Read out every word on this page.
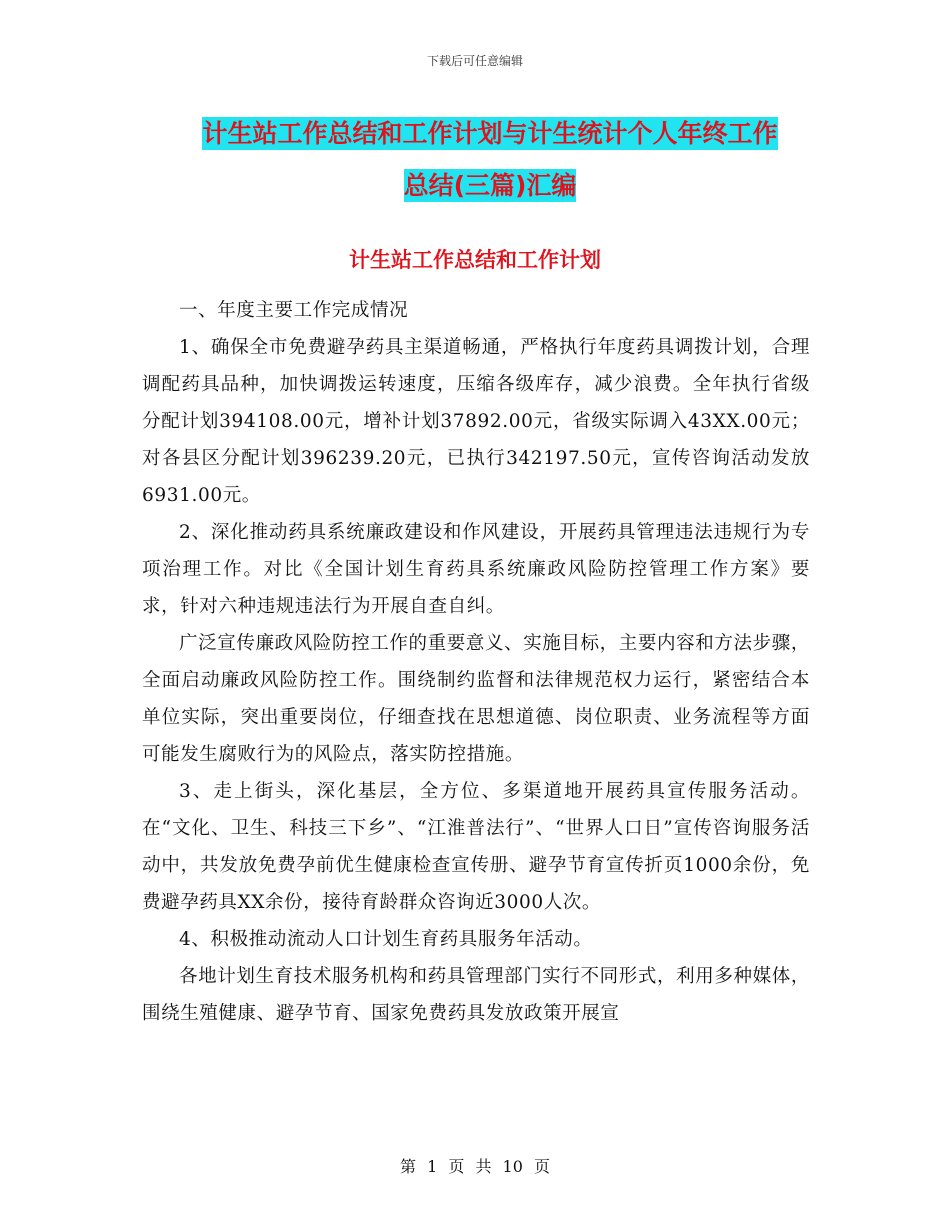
下载后可任意编辑
计生站工作总结和工作计划与计生统计个人年终工作
总结(三篇)汇编
计生站工作总结和工作计划

一、年度主要工作完成情况

1、确保全市免费避孕药具主渠道畅通，严格执行年度药具调拨计划，合理调配药具品种，加快调拨运转速度，压缩各级库存，减少浪费。全年执行省级分配计划394108.00元，增补计划37892.00元，省级实际调入43XX.00元；对各县区分配计划396239.20元，已执行342197.50元，宣传咨询活动发放6931.00元。

2、深化推动药具系统廉政建设和作风建设，开展药具管理违法违规行为专项治理工作。对比《全国计划生育药具系统廉政风险防控管理工作方案》要求，针对六种违规违法行为开展自查自纠。

广泛宣传廉政风险防控工作的重要意义、实施目标，主要内容和方法步骤，全面启动廉政风险防控工作。围绕制约监督和法律规范权力运行，紧密结合本单位实际，突出重要岗位，仔细查找在思想道德、岗位职责、业务流程等方面可能发生腐败行为的风险点，落实防控措施。

3、走上街头，深化基层，全方位、多渠道地开展药具宣传服务活动。在“文化、卫生、科技三下乡”、“江淮普法行”、“世界人口日”宣传咨询服务活动中，共发放免费孕前优生健康检查宣传册、避孕节育宣传折页1000余份，免费避孕药具XX余份，接待育龄群众咨询近3000人次。

4、积极推动流动人口计划生育药具服务年活动。

各地计划生育技术服务机构和药具管理部门实行不同形式，利用多种媒体，围绕生殖健康、避孕节育、国家免费药具发放政策开展宣

第 1 页 共 10 页
